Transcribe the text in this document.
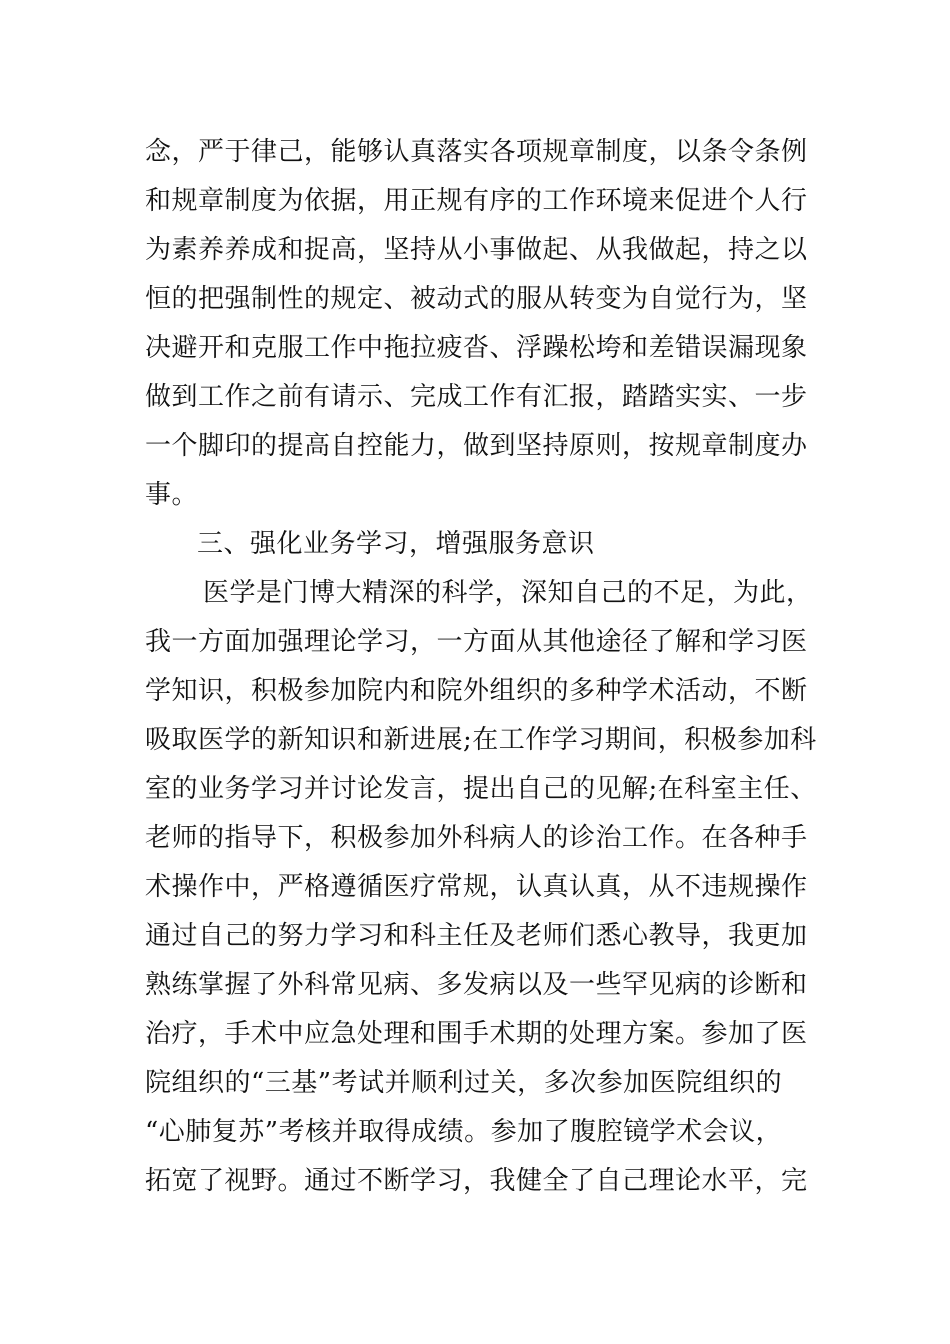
念，严于律己，能够认真落实各项规章制度，以条令条例
和规章制度为依据，用正规有序的工作环境来促进个人行
为素养养成和捉高，坚持从小事做起、从我做起，持之以
恒的把强制性的规定、被动式的服从转变为自觉行为，坚
决避开和克服工作中拖拉疲沓、浮躁松垮和差错误漏现象
做到工作之前有请示、完成工作有汇报，踏踏实实、一步
一个脚印的提高自控能力，做到坚持原则，按规章制度办
事。
三、强化业务学习，增强服务意识
医学是门博大精深的科学，深知自己的不足，为此，
我一方面加强理论学习，一方面从其他途径了解和学习医
学知识，积极参加院内和院外组织的多种学术活动，不断
吸取医学的新知识和新进展;在工作学习期间，积极参加科
室的业务学习并讨论发言，提出自己的见解;在科室主任、
老师的指导下，积极参加外科病人的诊治工作。在各种手
术操作中，严格遵循医疗常规，认真认真，从不违规操作
通过自己的努力学习和科主任及老师们悉心教导，我更加
熟练掌握了外科常见病、多发病以及一些罕见病的诊断和
治疗，手术中应急处理和围手术期的处理方案。参加了医
院组织的“三基”考试并顺利过关，多次参加医院组织的
“心肺复苏”考核并取得成绩。参加了腹腔镜学术会议，
拓宽了视野。通过不断学习，我健全了自己理论水平，完
